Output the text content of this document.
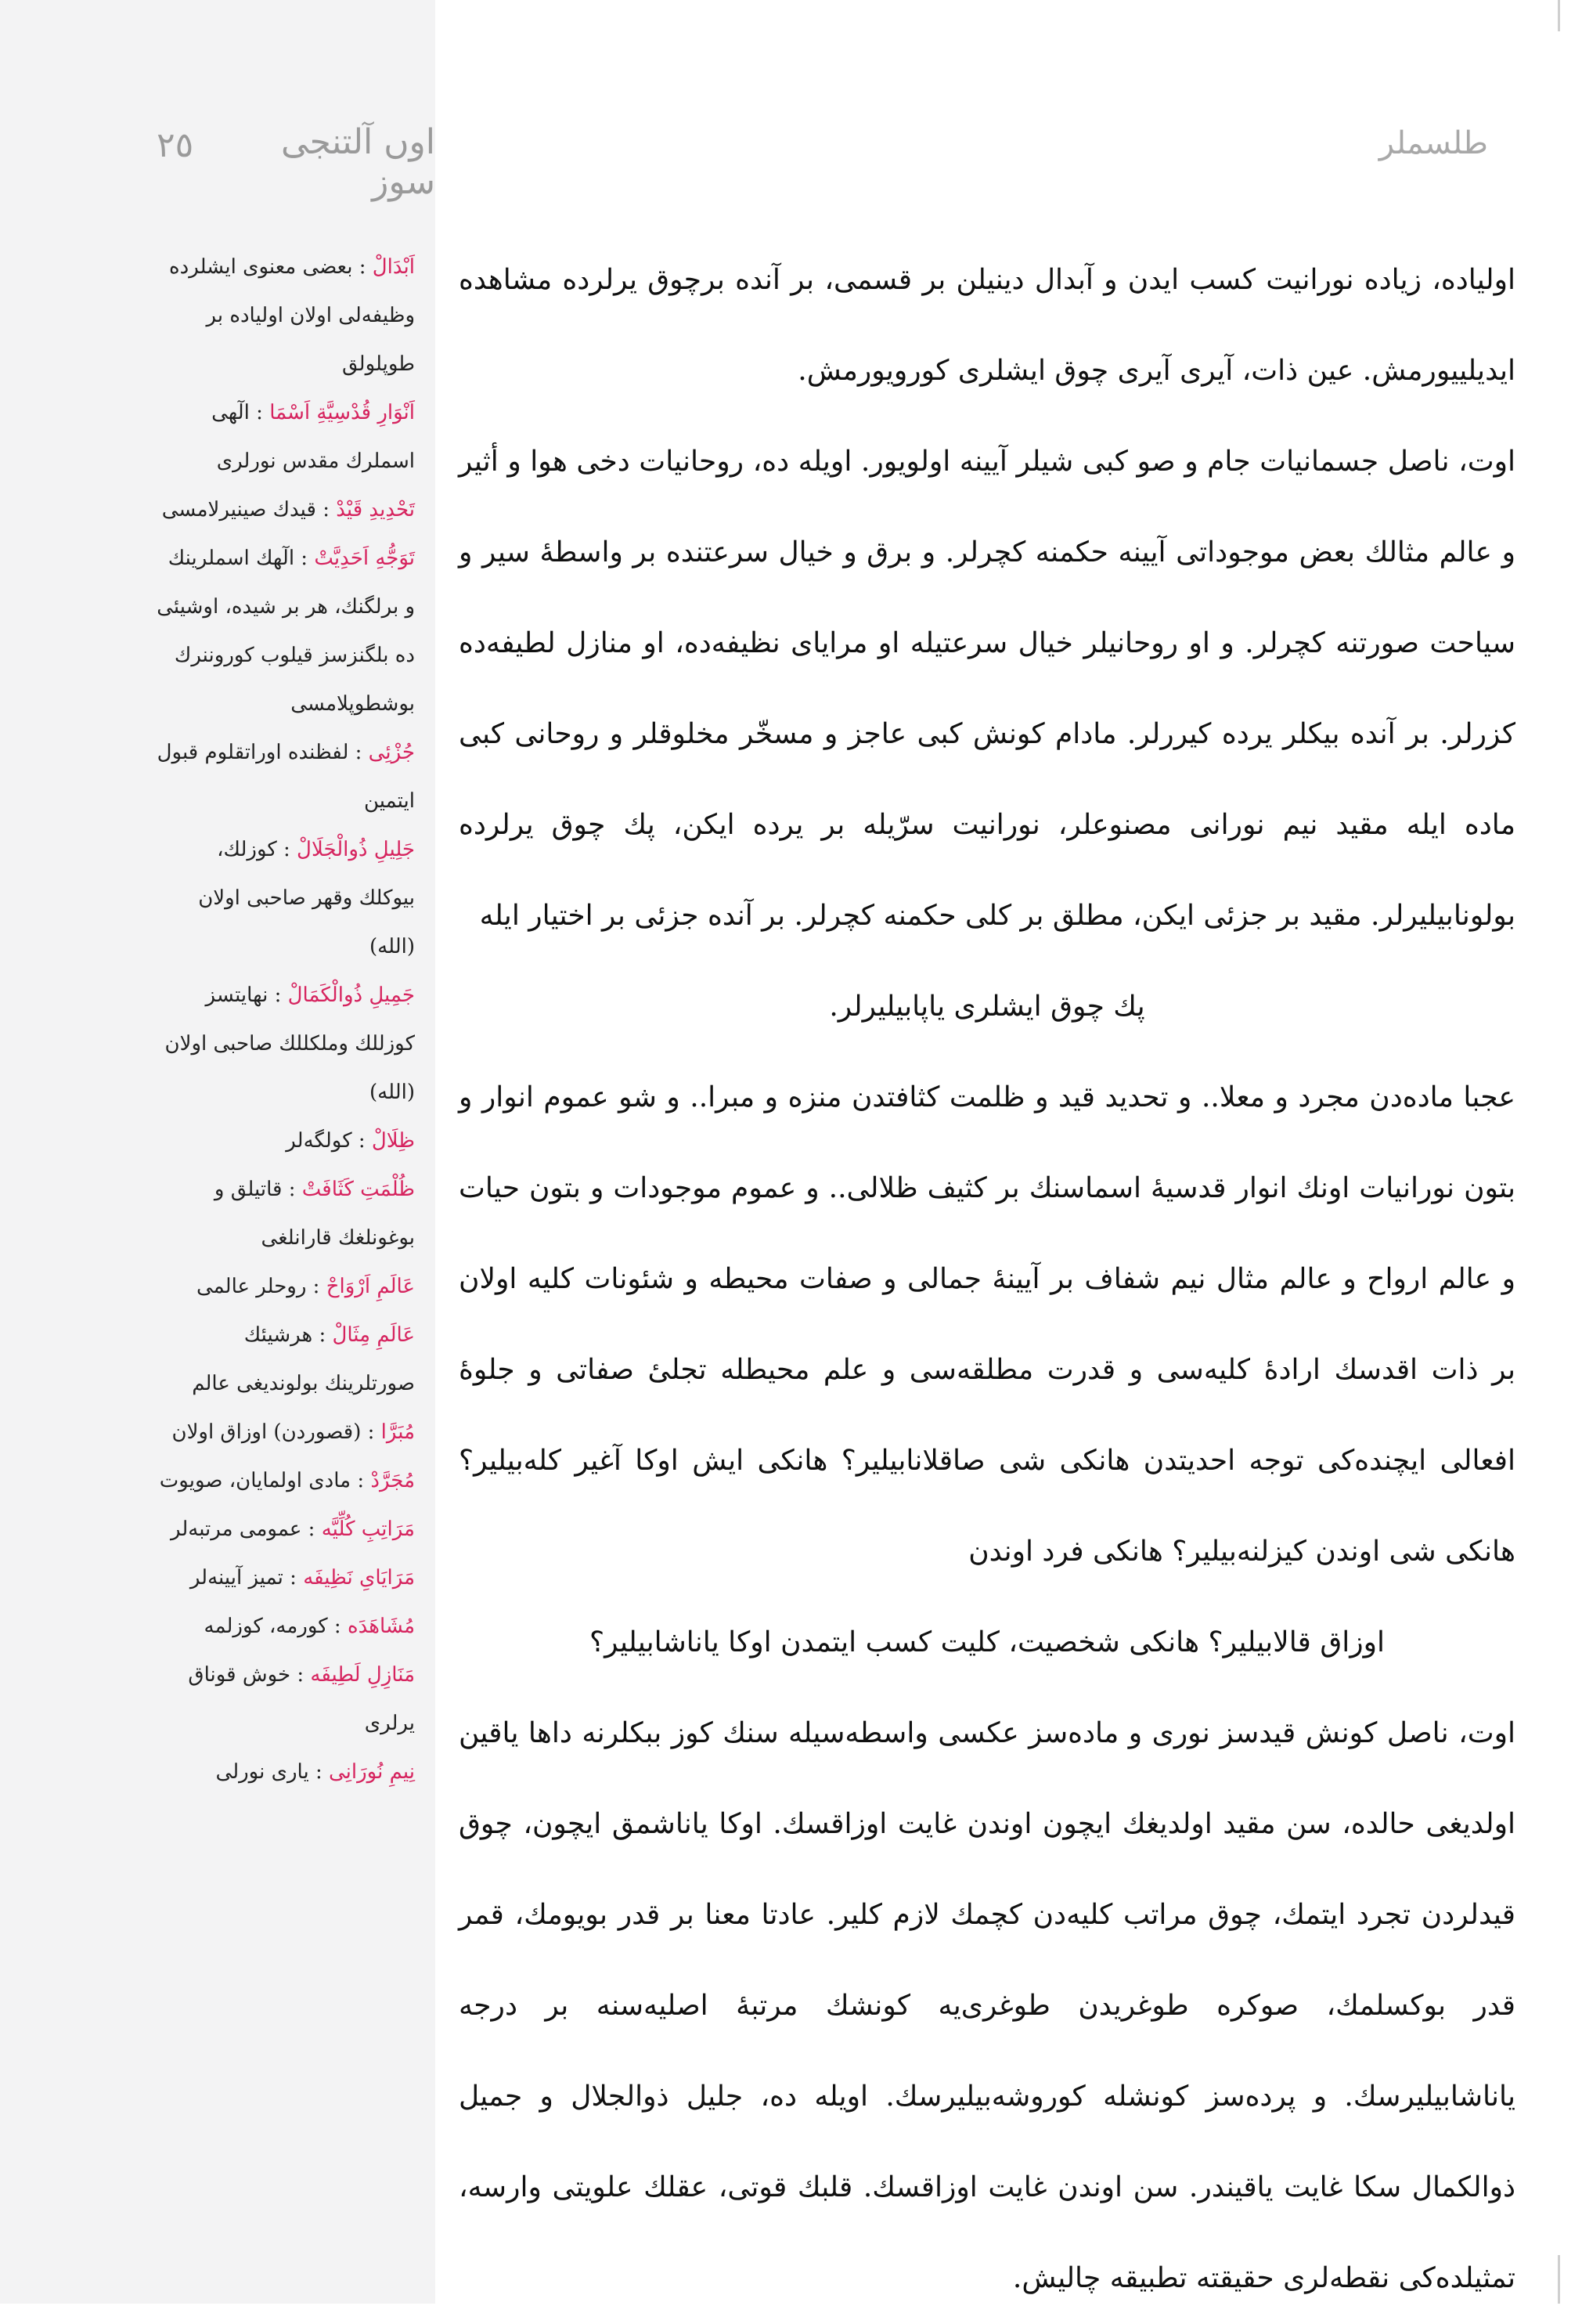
٢٥	اوں آلتنجی سوز
اَبْدَالْ : بعضی معنوی ایشلرده وظیفه‌لی اولان اولیاده بر طوپلولق
اَنْوَارِ قُدْسِیَّةِ اَسْمَا : الٓهی اسملرك مقدس نورلری
تَحْدِیدِ قَیْدْ : قیدك صینیرلامسی
تَوَجُّهِ اَحَدِیَّتْ : الٓهك اسملرینك و برلگنك، هر بر شیده، اوشیئی ده بلگنزسز قیلوب کوروننرك بوشطوپلامسی
جُزْئِی : لفظنده اوراتقلوم قبول ایتمین
جَلِیلِ ذُوالْجَلَالْ : کوزلك، بیوكلك وقهر صاحبی اولان (الله)
جَمِیلِ ذُوالْکَمَالْ : نهایتسز کوزللك وملکللك صاحبی اولان (الله)
ظِلَالْ : کولگه‌لر
ظُلْمَتِ کَثَافَتْ : قاتیلق و بوغونلغك قارانلغی
عَالَمِ اَرْوَاحْ : روحلر عالمی
عَالَمِ مِثَالْ : هرشیئك صورتلرینك بولوندیغی عالم
مُبَرَّا : (قصوردن) اوزاق اولان
مُجَرَّدْ : مادی اولمایان، صویوت
مَرَاتِبِ کُلِّیَّه : عمومی مرتبه‌لر
مَرَایَایِ نَظِیفَه : تمیز آیینه‌لر
مُشَاهَدَه : کورمه، کوزلمه
مَنَازِلِ لَطِیفَه : خوش قوناق یرلری
نِیمِ نُورَانِی : یاری نورلی
طلسملر

اولیاده، زیاده نورانیت کسب ایدن و آبدال دینیلن بر قسمی، بر آنده برچوق یرلرده مشاهده ایدیلییورمش. عین ذات، آیری آیری چوق ایشلری کورویورمش.

اوت، ناصل جسمانیات جام و صو کبی شیلر آیینه اولویور. اویله ده، روحانیات دخی هوا و أثیر و عالم مثالك بعض موجوداتی آیینه حکمنه کچرلر. و برق و خیال سرعتنده بر واسطهٔ سیر و سیاحت صورتنه کچرلر. و او روحانیلر خیال سرعتیله او مرایای نظیفه‌ده، او منازل لطیفه‌ده کزرلر. بر آنده بیکلر یرده کیررلر. مادام کونش کبی عاجز و مسخّر مخلوقلر و روحانی کبی ماده ایله مقید نیم نورانی مصنوعلر، نورانیت سرّیله بر یرده ایکن، پك چوق یرلرده بولونابیلیرلر. مقید بر جزئی ایکن، مطلق بر کلی حکمنه کچرلر. بر آنده جزئی بر اختیار ایله

پك چوق ایشلری یاپابیلیرلر.

عجبا ماده‌دن مجرد و معلا.. و تحدید قید و ظلمت کثافتدن منزه و مبرا.. و شو عموم انوار و بتون نورانیات اونك انوار قدسیهٔ اسماسنك بر کثیف ظلالی.. و عموم موجودات و بتون حیات و عالم ارواح و عالم مثال نیم شفاف بر آیینهٔ جمالی و صفات محیطه و شئونات کلیه اولان بر ذات اقدسك ارادهٔ کلیه‌سی و قدرت مطلقه‌سی و علم محیطله تجلیٔ صفاتی و جلوهٔ افعالی ایچنده‌کی توجه احدیتدن هانکی شی صاقلانابیلیر؟ هانکی ایش اوکا آغیر کلەبیلیر؟ هانکی شی اوندن کیزلنه‌بیلیر؟ هانکی فرد اوندن

اوزاق قالابیلیر؟ هانکی شخصیت، کلیت کسب ایتمدن اوکا یاناشابیلیر؟

اوت، ناصل کونش قیدسز نوری و ماده‌سز عکسی واسطه‌سیله سنك کوز ببکلرنه داها یاقین اولدیغی حالده، سن مقید اولدیغك ایچون اوندن غایت اوزاقسك. اوکا یاناشمق ایچون، چوق قیدلردن تجرد ایتمك، چوق مراتب کلیه‌دن کچمك لازم کلیر. عادتا معنا بر قدر بویومك، قمر قدر بوکسلمك، صوکره طوغریدن طوغری‌یه کونشك مرتبهٔ اصلیه‌سنه بر درجه یاناشابیلیرسك. و پرده‌سز کونشله کوروشه‌بیلیرسك. اویله ده، جلیل ذوالجلال و جمیل ذوالکمال سکا غایت یاقیندر. سن اوندن غایت اوزاقسك. قلبك قوتی، عقلك علویتی وارسه، تمثیلده‌کی نقطه‌لری حقیقته تطبیقه چالیش.
